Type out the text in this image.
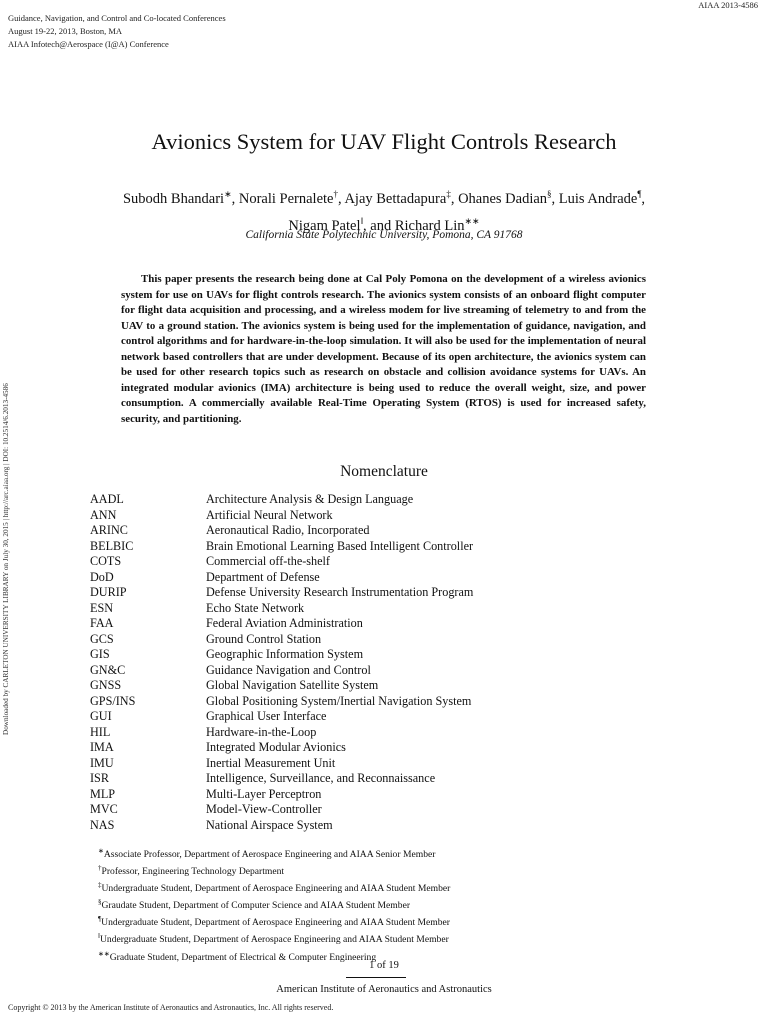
Guidance, Navigation, and Control and Co-located Conferences
August 19-22, 2013, Boston, MA
AIAA Infotech@Aerospace (I@A) Conference
AIAA 2013-4586
Downloaded by CARLETON UNIVERSITY LIBRARY on July 30, 2015 | http://arc.aiaa.org | DOI: 10.2514/6.2013-4586
Avionics System for UAV Flight Controls Research
Subodh Bhandari∗, Norali Pernalete†, Ajay Bettadapura‡, Ohanes Dadian§, Luis Andrade¶,
Nigam Patel‖, and Richard Lin∗∗
California State Polytechnic University, Pomona, CA 91768
This paper presents the research being done at Cal Poly Pomona on the development of a wireless avionics system for use on UAVs for flight controls research. The avionics system consists of an onboard flight computer for flight data acquisition and processing, and a wireless modem for live streaming of telemetry to and from the UAV to a ground station. The avionics system is being used for the implementation of guidance, navigation, and control algorithms and for hardware-in-the-loop simulation. It will also be used for the implementation of neural network based controllers that are under development. Because of its open architecture, the avionics system can be used for other research topics such as research on obstacle and collision avoidance systems for UAVs. An integrated modular avionics (IMA) architecture is being used to reduce the overall weight, size, and power consumption. A commercially available Real-Time Operating System (RTOS) is used for increased safety, security, and partitioning.
Nomenclature
AADL	Architecture Analysis & Design Language
ANN	Artificial Neural Network
ARINC	Aeronautical Radio, Incorporated
BELBIC	Brain Emotional Learning Based Intelligent Controller
COTS	Commercial off-the-shelf
DoD	Department of Defense
DURIP	Defense University Research Instrumentation Program
ESN	Echo State Network
FAA	Federal Aviation Administration
GCS	Ground Control Station
GIS	Geographic Information System
GN&C	Guidance Navigation and Control
GNSS	Global Navigation Satellite System
GPS/INS	Global Positioning System/Inertial Navigation System
GUI	Graphical User Interface
HIL	Hardware-in-the-Loop
IMA	Integrated Modular Avionics
IMU	Inertial Measurement Unit
ISR	Intelligence, Surveillance, and Reconnaissance
MLP	Multi-Layer Perceptron
MVC	Model-View-Controller
NAS	National Airspace System
∗Associate Professor, Department of Aerospace Engineering and AIAA Senior Member
†Professor, Engineering Technology Department
‡Undergraduate Student, Department of Aerospace Engineering and AIAA Student Member
§Graudate Student, Department of Computer Science and AIAA Student Member
¶Undergraduate Student, Department of Aerospace Engineering and AIAA Student Member
‖Undergraduate Student, Department of Aerospace Engineering and AIAA Student Member
∗∗Graduate Student, Department of Electrical & Computer Engineering
1 of 19
American Institute of Aeronautics and Astronautics
Copyright © 2013 by the American Institute of Aeronautics and Astronautics, Inc. All rights reserved.
